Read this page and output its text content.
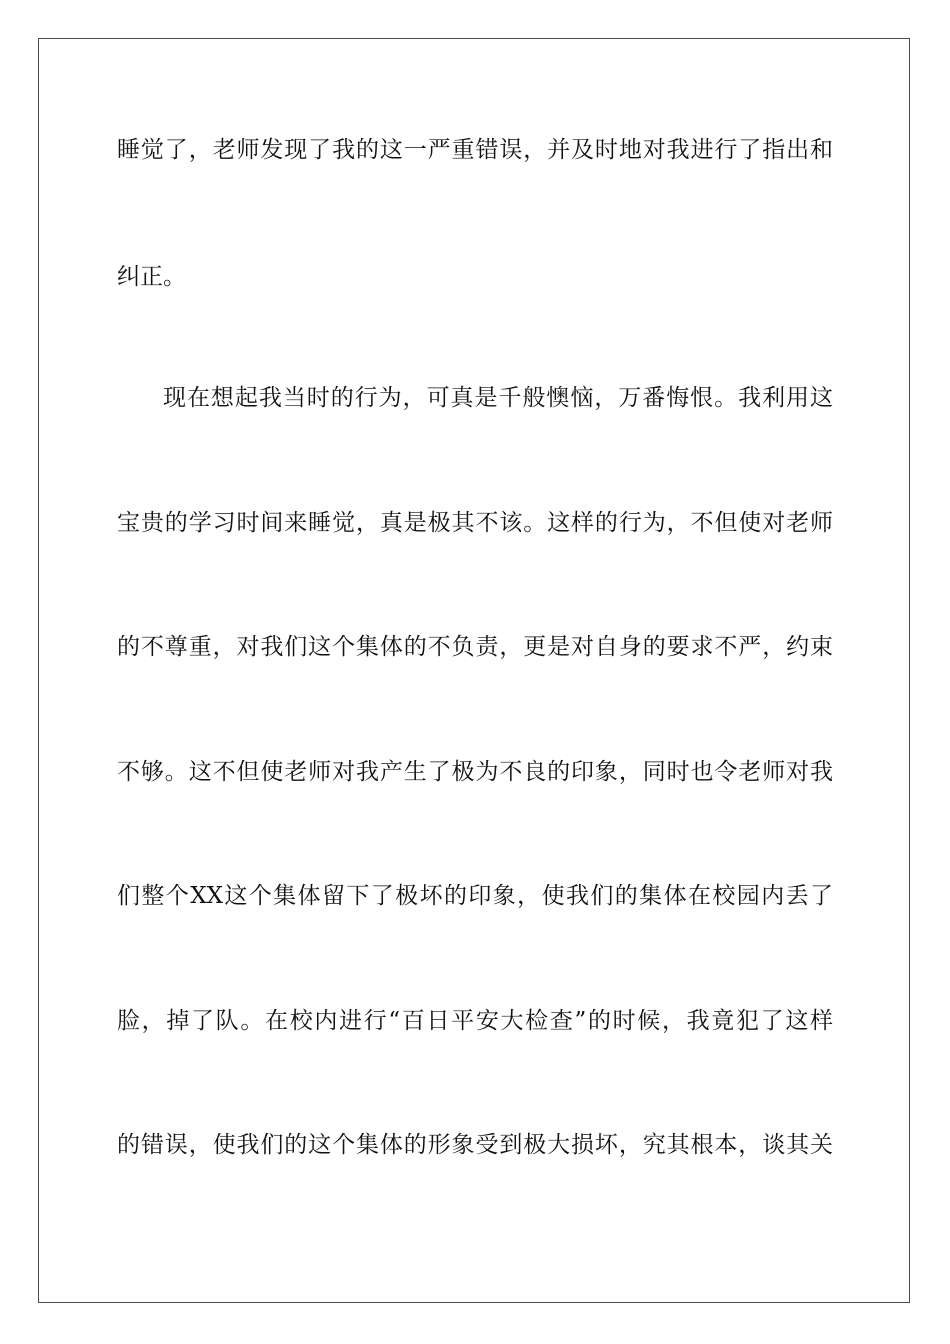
睡觉了，老师发现了我的这一严重错误，并及时地对我进行了指出和
纠正。
现在想起我当时的行为，可真是千般懊恼，万番悔恨。我利用这
宝贵的学习时间来睡觉，真是极其不该。这样的行为，不但使对老师
的不尊重，对我们这个集体的不负责，更是对自身的要求不严，约束
不够。这不但使老师对我产生了极为不良的印象，同时也令老师对我
们整个XX这个集体留下了极坏的印象，使我们的集体在校园内丢了
脸，掉了队。在校内进行“百日平安大检查”的时候，我竟犯了这样
的错误，使我们的这个集体的形象受到极大损坏，究其根本，谈其关
